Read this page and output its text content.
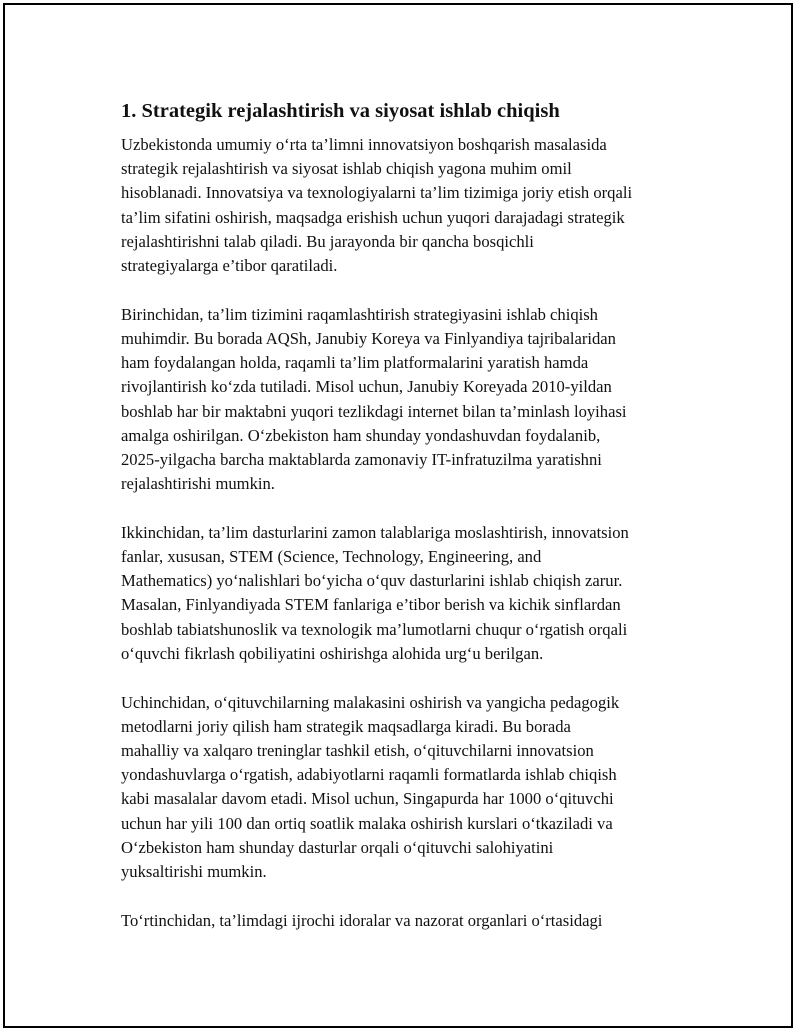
1. Strategik rejalashtirish va siyosat ishlab chiqish

Uzbekistonda umumiy o‘rta ta’limni innovatsiyon boshqarish masalasida
strategik rejalashtirish va siyosat ishlab chiqish yagona muhim omil
hisoblanadi. Innovatsiya va texnologiyalarni ta’lim tizimiga joriy etish orqali
ta’lim sifatini oshirish, maqsadga erishish uchun yuqori darajadagi strategik
rejalashtirishni talab qiladi. Bu jarayonda bir qancha bosqichli
strategiyalarga e’tibor qaratiladi.

Birinchidan, ta’lim tizimini raqamlashtirish strategiyasini ishlab chiqish
muhimdir. Bu borada AQSh, Janubiy Koreya va Finlyandiya tajribalaridan
ham foydalangan holda, raqamli ta’lim platformalarini yaratish hamda
rivojlantirish ko‘zda tutiladi. Misol uchun, Janubiy Koreyada 2010-yildan
boshlab har bir maktabni yuqori tezlikdagi internet bilan ta’minlash loyihasi
amalga oshirilgan. O‘zbekiston ham shunday yondashuvdan foydalanib,
2025-yilgacha barcha maktablarda zamonaviy IT-infratuzilma yaratishni
rejalashtirishi mumkin.

Ikkinchidan, ta’lim dasturlarini zamon talablariga moslashtirish, innovatsion
fanlar, xususan, STEM (Science, Technology, Engineering, and
Mathematics) yo‘nalishlari bo‘yicha o‘quv dasturlarini ishlab chiqish zarur.
Masalan, Finlyandiyada STEM fanlariga e’tibor berish va kichik sinflardan
boshlab tabiatshunoslik va texnologik ma’lumotlarni chuqur o‘rgatish orqali
o‘quvchi fikrlash qobiliyatini oshirishga alohida urg‘u berilgan.

Uchinchidan, o‘qituvchilarning malakasini oshirish va yangicha pedagogik
metodlarni joriy qilish ham strategik maqsadlarga kiradi. Bu borada
mahalliy va xalqaro treninglar tashkil etish, o‘qituvchilarni innovatsion
yondashuvlarga o‘rgatish, adabiyotlarni raqamli formatlarda ishlab chiqish
kabi masalalar davom etadi. Misol uchun, Singapurda har 1000 o‘qituvchi
uchun har yili 100 dan ortiq soatlik malaka oshirish kurslari o‘tkaziladi va
O‘zbekiston ham shunday dasturlar orqali o‘qituvchi salohiyatini
yuksaltirishi mumkin.

To‘rtinchidan, ta’limdagi ijrochi idoralar va nazorat organlari o‘rtasidagi
